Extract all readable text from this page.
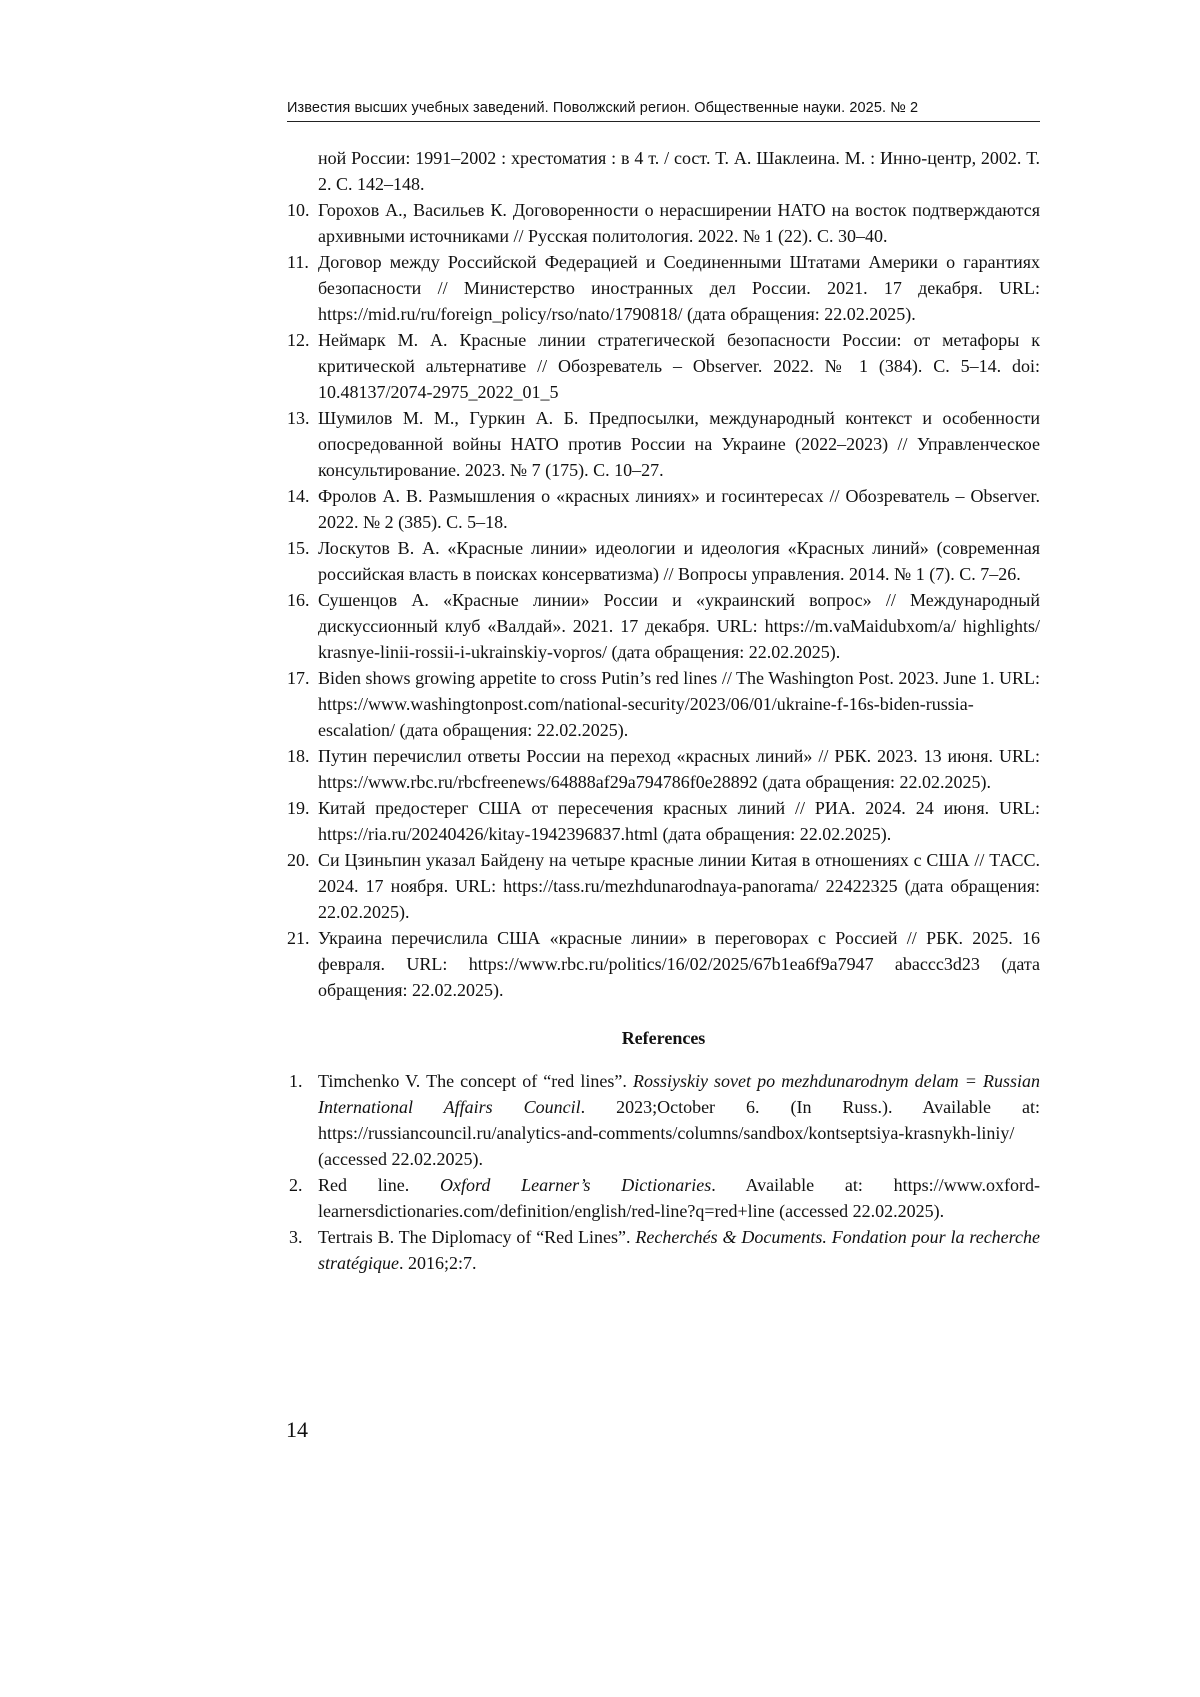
Известия высших учебных заведений. Поволжский регион. Общественные науки. 2025. № 2
ной России: 1991–2002 : хрестоматия : в 4 т. / сост. Т. А. Шаклеина. М. : Инно-центр, 2002. Т. 2. С. 142–148.
10. Горохов А., Васильев К. Договоренности о нерасширении НАТО на восток подтверждаются архивными источниками // Русская политология. 2022. № 1 (22). С. 30–40.
11. Договор между Российской Федерацией и Соединенными Штатами Америки о гарантиях безопасности // Министерство иностранных дел России. 2021. 17 декабря. URL: https://mid.ru/ru/foreign_policy/rso/nato/1790818/ (дата обращения: 22.02.2025).
12. Неймарк М. А. Красные линии стратегической безопасности России: от метафоры к критической альтернативе // Обозреватель – Observer. 2022. № 1 (384). С. 5–14. doi: 10.48137/2074-2975_2022_01_5
13. Шумилов М. М., Гуркин А. Б. Предпосылки, международный контекст и особенности опосредованной войны НАТО против России на Украине (2022–2023) // Управленческое консультирование. 2023. № 7 (175). С. 10–27.
14. Фролов А. В. Размышления о «красных линиях» и госинтересах // Обозреватель – Observer. 2022. № 2 (385). С. 5–18.
15. Лоскутов В. А. «Красные линии» идеологии и идеология «Красных линий» (современная российская власть в поисках консерватизма) // Вопросы управления. 2014. № 1 (7). С. 7–26.
16. Сушенцов А. «Красные линии» России и «украинский вопрос» // Международный дискуссионный клуб «Валдай». 2021. 17 декабря. URL: https://m.vaMaidubxom/a/ highlights/ krasnye-linii-rossii-i-ukrainskiy-vopros/ (дата обращения: 22.02.2025).
17. Biden shows growing appetite to cross Putin’s red lines // The Washington Post. 2023. June 1. URL: https://www.washingtonpost.com/national-security/2023/06/01/ukraine-f-16s-biden-russia-escalation/ (дата обращения: 22.02.2025).
18. Путин перечислил ответы России на переход «красных линий» // РБК. 2023. 13 июня. URL: https://www.rbc.ru/rbcfreenews/64888af29a794786f0e28892 (дата обращения: 22.02.2025).
19. Китай предостерег США от пересечения красных линий // РИА. 2024. 24 июня. URL: https://ria.ru/20240426/kitay-1942396837.html (дата обращения: 22.02.2025).
20. Си Цзиньпин указал Байдену на четыре красные линии Китая в отношениях с США // ТАСС. 2024. 17 ноября. URL: https://tass.ru/mezhdunarodnaya-panorama/ 22422325 (дата обращения: 22.02.2025).
21. Украина перечислила США «красные линии» в переговорах с Россией // РБК. 2025. 16 февраля. URL: https://www.rbc.ru/politics/16/02/2025/67b1ea6f9a7947 abaccc3d23 (дата обращения: 22.02.2025).
References
1. Timchenko V. The concept of “red lines”. Rossiyskiy sovet po mezhdunarodnym delam = Russian International Affairs Council. 2023;October 6. (In Russ.). Available at: https://russiancouncil.ru/analytics-and-comments/columns/sandbox/kontseptsiya-krasnykh-liniy/ (accessed 22.02.2025).
2. Red line. Oxford Learner’s Dictionaries. Available at: https://www.oxford-learnersdictionaries.com/definition/english/red-line?q=red+line (accessed 22.02.2025).
3. Tertrais B. The Diplomacy of “Red Lines”. Recherchés & Documents. Fondation pour la recherche stratégique. 2016;2:7.
14
